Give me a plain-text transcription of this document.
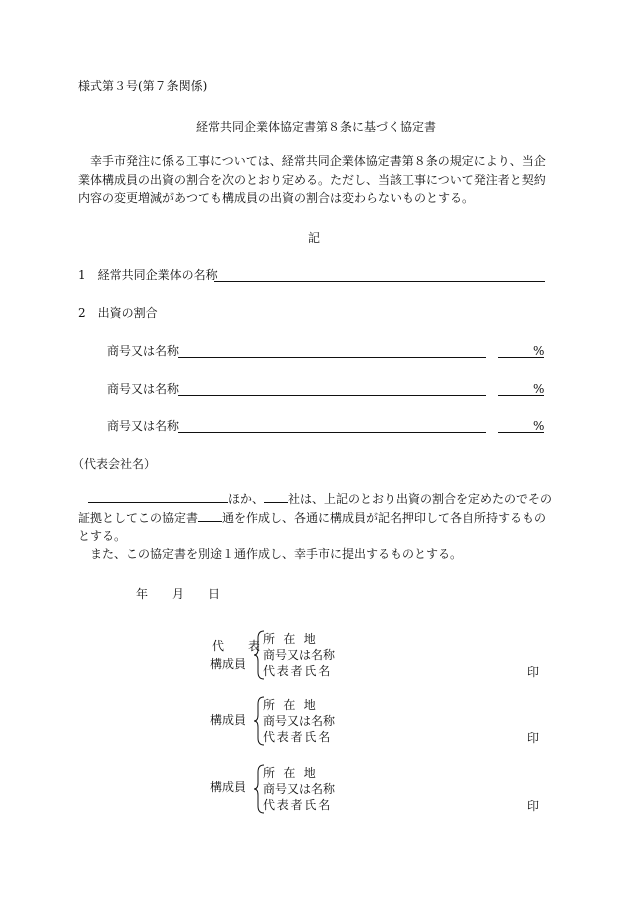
様式第３号(第７条関係)
経常共同企業体協定書第８条に基づく協定書
　幸手市発注に係る工事については、経常共同企業体協定書第８条の規定により、当企業体構成員の出資の割合を次のとおり定める。ただし、当該工事について発注者と契約内容の変更増減があつても構成員の出資の割合は変わらないものとする。
記
1　経常共同企業体の名称
2　出資の割合
商号又は名称	%
商号又は名称	%
商号又は名称	%
（代表会社名）
ほか、 社は、上記のとおり出資の割合を定めたのでその証拠としてこの協定書 通を作成し、各通に構成員が記名押印して各自所持するものとする。
　また、この協定書を別途１通作成し、幸手市に提出するものとする。
年 月 日
代　表
構成員
所在地
商号又は名称
代表者氏名	印
構成員
所在地
商号又は名称
代表者氏名	印
構成員
所在地
商号又は名称
代表者氏名	印
